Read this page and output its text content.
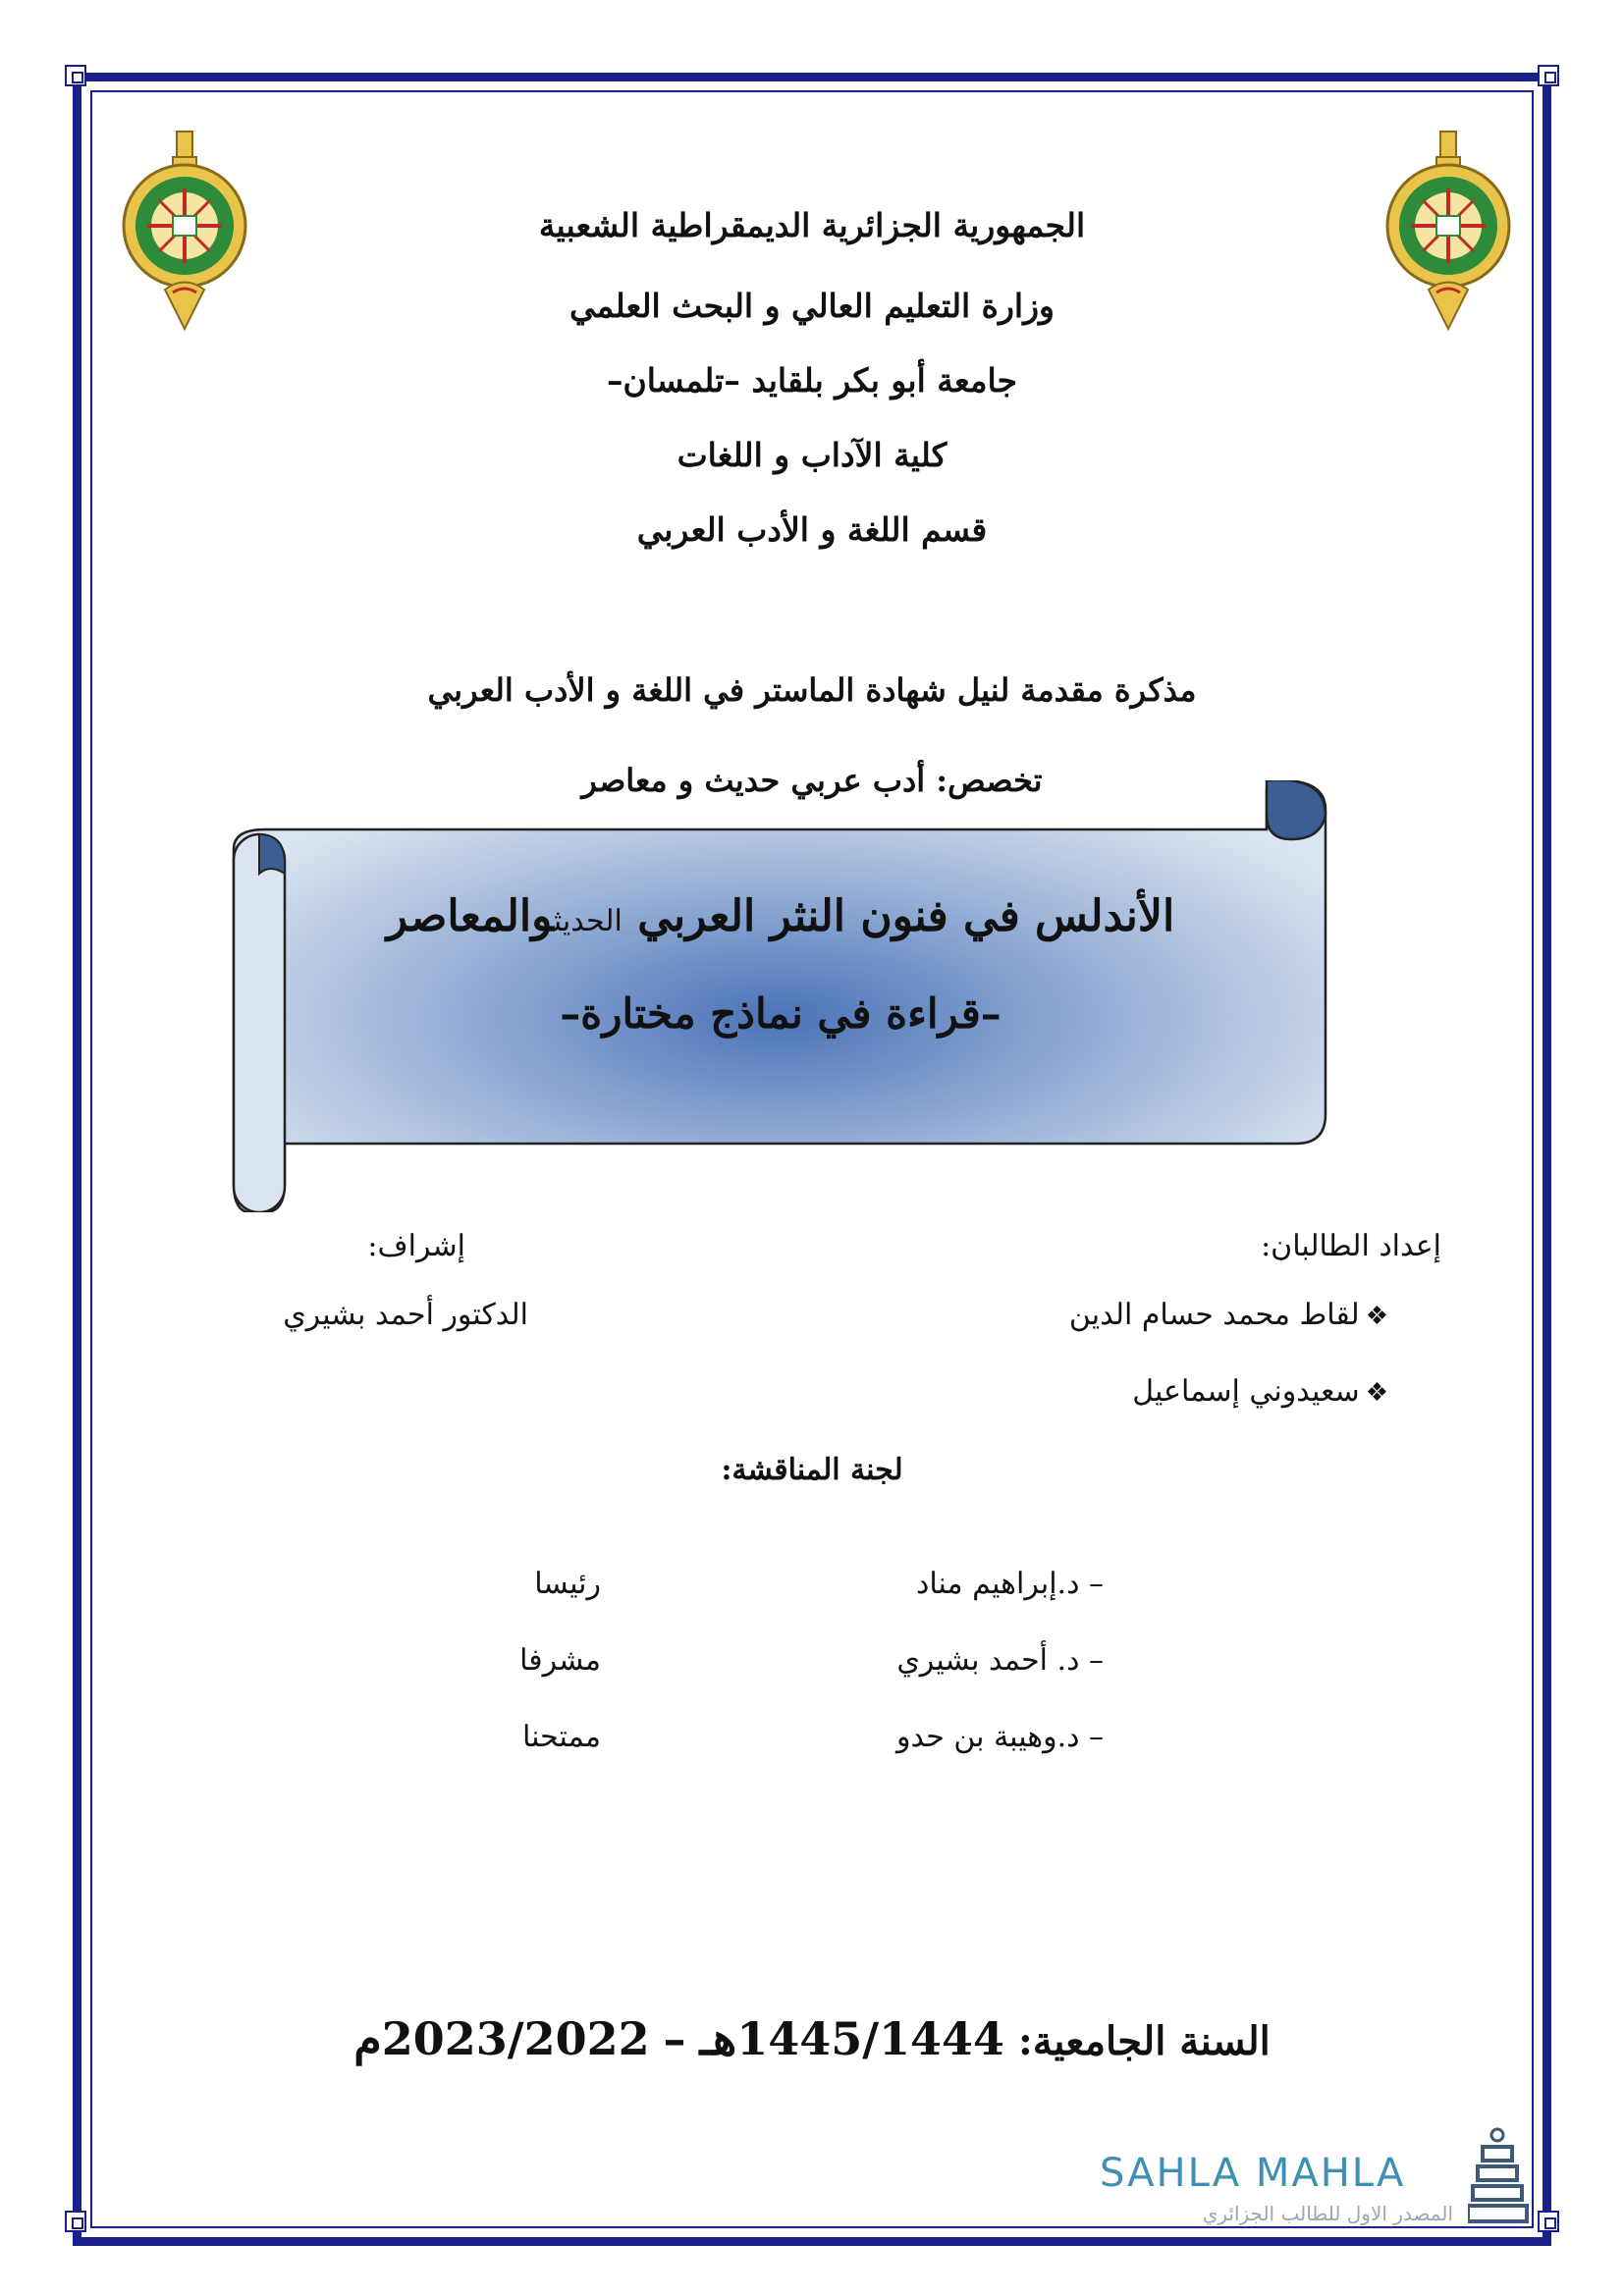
الجمهورية الجزائرية الديمقراطية الشعبية
وزارة التعليم العالي و البحث العلمي
جامعة أبو بكر بلقايد –تلمسان–
كلية الآداب و اللغات
قسم اللغة و الأدب العربي
مذكرة مقدمة لنيل شهادة الماستر في اللغة و الأدب العربي
تخصص: أدب عربي حديث و معاصر
الأندلس في فنون النثر العربي الحديثوالمعاصر
–قراءة في نماذج مختارة–
إعداد الطالبان:
إشراف:
❖لقاط محمد حسام الدين
❖سعيدوني إسماعيل
الدكتور أحمد بشيري
لجنة المناقشة:
– د.إبراهيم مناد
رئيسا
– د. أحمد بشيري
مشرفا
– د.وهيبة بن حدو
ممتحنا
السنة الجامعية: 1445/1444هـ – 2023/2022م
SAHLA MAHLA
المصدر الاول للطالب الجزائري
